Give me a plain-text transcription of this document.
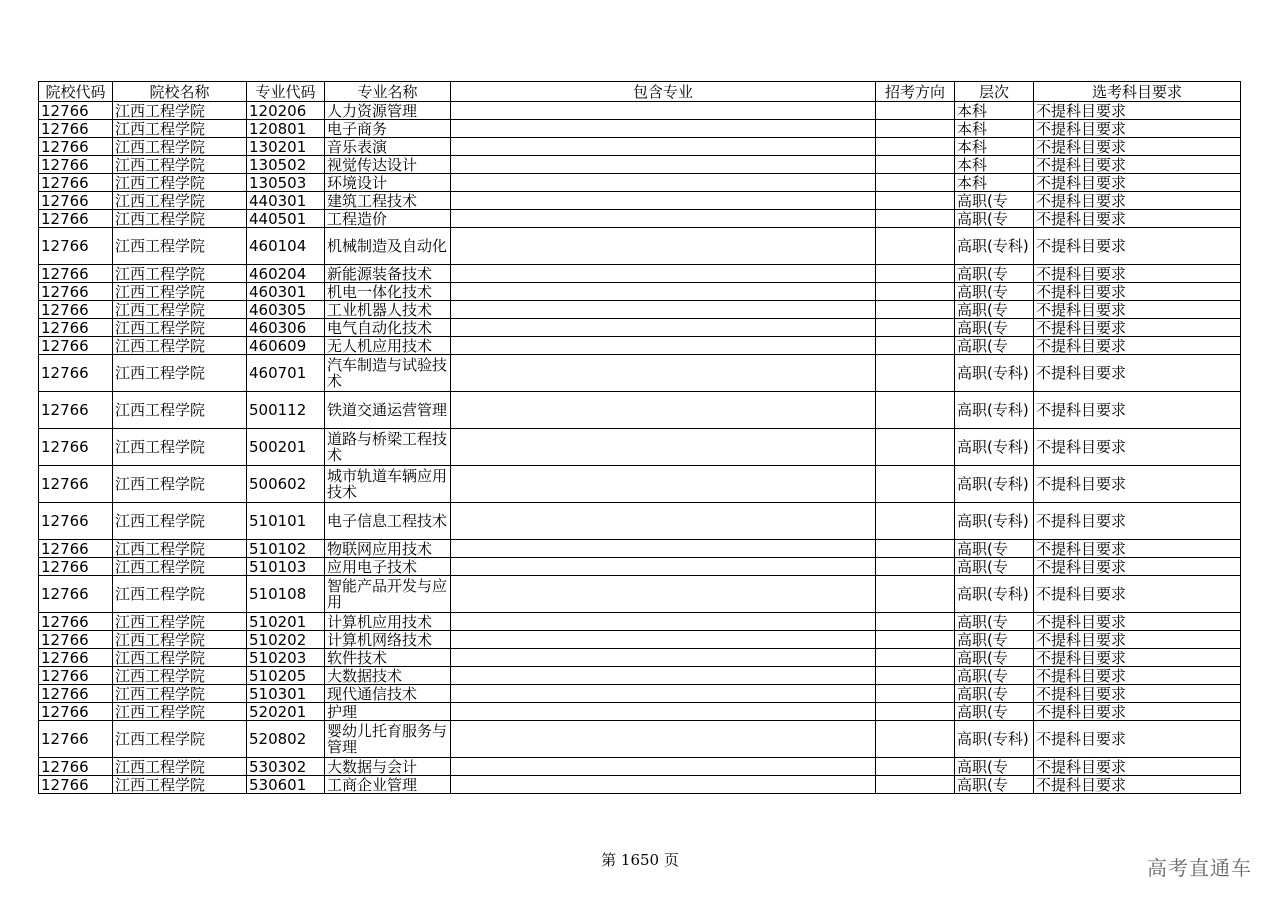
院校代码	院校名称	专业代码	专业名称	包含专业	招考方向	层次	选考科目要求
12766	江西工程学院	120206	人力资源管理			本科	不提科目要求
12766	江西工程学院	120801	电子商务			本科	不提科目要求
12766	江西工程学院	130201	音乐表演			本科	不提科目要求
12766	江西工程学院	130502	视觉传达设计			本科	不提科目要求
12766	江西工程学院	130503	环境设计			本科	不提科目要求
12766	江西工程学院	440301	建筑工程技术			高职(专	不提科目要求
12766	江西工程学院	440501	工程造价			高职(专	不提科目要求
12766	江西工程学院	460104	机械制造及自动化			高职(专科)	不提科目要求
12766	江西工程学院	460204	新能源装备技术			高职(专	不提科目要求
12766	江西工程学院	460301	机电一体化技术			高职(专	不提科目要求
12766	江西工程学院	460305	工业机器人技术			高职(专	不提科目要求
12766	江西工程学院	460306	电气自动化技术			高职(专	不提科目要求
12766	江西工程学院	460609	无人机应用技术			高职(专	不提科目要求
12766	江西工程学院	460701	汽车制造与试验技术			高职(专科)	不提科目要求
12766	江西工程学院	500112	铁道交通运营管理			高职(专科)	不提科目要求
12766	江西工程学院	500201	道路与桥梁工程技术			高职(专科)	不提科目要求
12766	江西工程学院	500602	城市轨道车辆应用技术			高职(专科)	不提科目要求
12766	江西工程学院	510101	电子信息工程技术			高职(专科)	不提科目要求
12766	江西工程学院	510102	物联网应用技术			高职(专	不提科目要求
12766	江西工程学院	510103	应用电子技术			高职(专	不提科目要求
12766	江西工程学院	510108	智能产品开发与应用			高职(专科)	不提科目要求
12766	江西工程学院	510201	计算机应用技术			高职(专	不提科目要求
12766	江西工程学院	510202	计算机网络技术			高职(专	不提科目要求
12766	江西工程学院	510203	软件技术			高职(专	不提科目要求
12766	江西工程学院	510205	大数据技术			高职(专	不提科目要求
12766	江西工程学院	510301	现代通信技术			高职(专	不提科目要求
12766	江西工程学院	520201	护理			高职(专	不提科目要求
12766	江西工程学院	520802	婴幼儿托育服务与管理			高职(专科)	不提科目要求
12766	江西工程学院	530302	大数据与会计			高职(专	不提科目要求
12766	江西工程学院	530601	工商企业管理			高职(专	不提科目要求
第 1650 页	高考直通车
